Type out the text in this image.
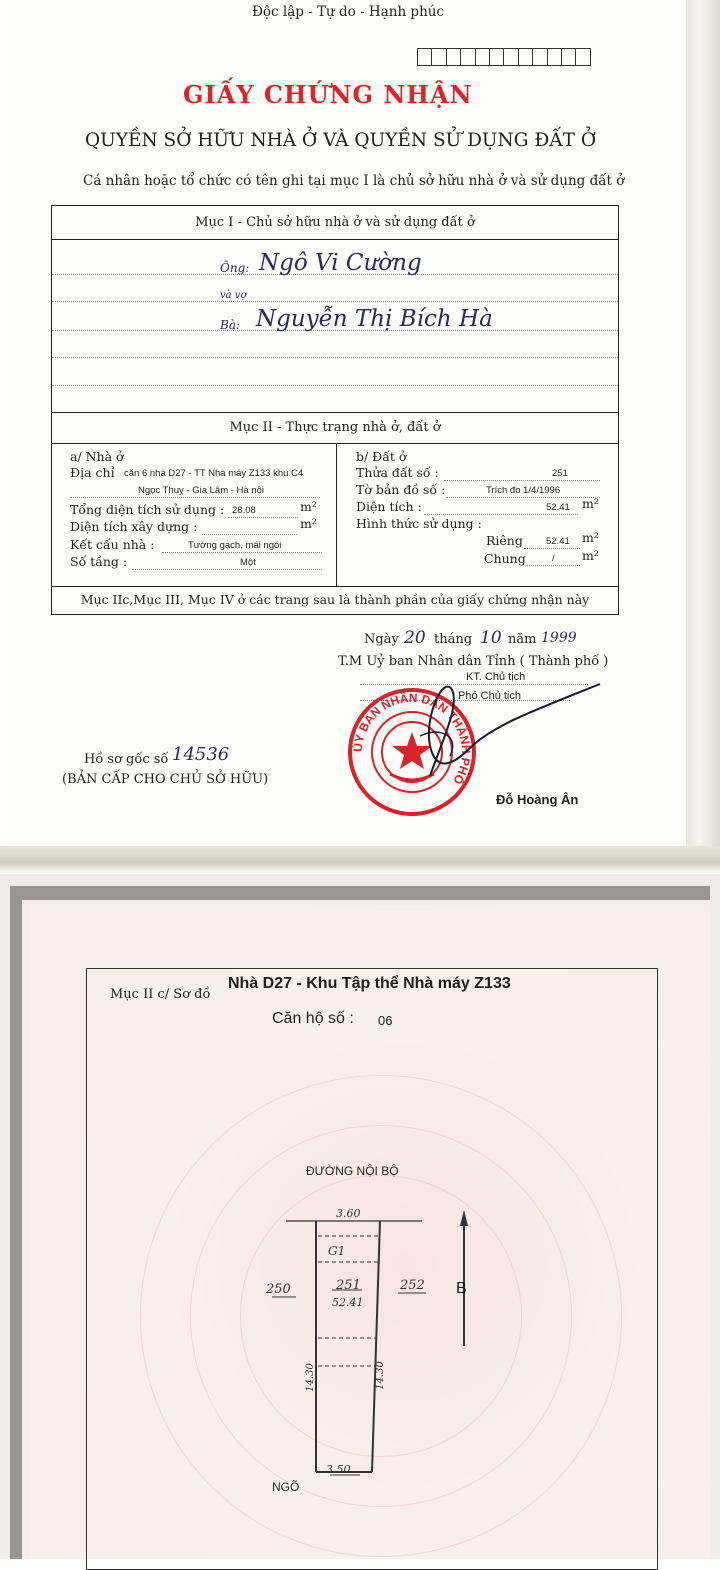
Độc lập - Tự do - Hạnh phúc
GIẤY CHỨNG NHẬN
QUYỀN SỞ HỮU NHÀ Ở VÀ QUYỀN SỬ DỤNG ĐẤT Ở
Cá nhân hoặc tổ chức có tên ghi tại mục I là chủ sở hữu nhà ở và sử dụng đất ở
Mục I - Chủ sở hữu nhà ở và sử dụng đất ở
Ông: Ngô Vi Cường
và vợ
Bà: Nguyễn Thị Bích Hà
Mục II - Thực trạng nhà ở, đất ở
a/ Nhà ở
Địa chỉ căn 6 nhà D27 - TT Nhà máy Z133 khu C4
Ngọc Thuỵ - Gia Lâm - Hà nội
Tổng diện tích sử dụng : 28.08	m²
Diện tích xây dựng :	m²
Kết cấu nhà :	Tường gạch, mái ngói
Số tầng :	Một
b/ Đất ở
Thửa đất số :	251
Tờ bản đồ số :	Trích đo 1/4/1996
Diện tích :	52.41 m²
Hình thức sử dụng :
Riêng 52.41 m²
Chung	/ m²
Mục IIc,Mục III, Mục IV ở các trang sau là thành phần của giấy chứng nhận này
Ngày 20 tháng 10 năm 1999
T.M Uỷ ban Nhân dân Tỉnh ( Thành phố )
KT. Chủ tịch
Phó Chủ tịch
Hồ sơ gốc số 14536
(BẢN CẤP CHO CHỦ SỞ HỮU)
ỦY BAN NHÂN DÂN THÀNH PHỐ
Đỗ Hoàng Ân
Mục II c/ Sơ đồ
Nhà D27 - Khu Tập thể Nhà máy Z133
Căn hộ số : 06
ĐƯỜNG NỘI BỘ
3.60
G1
250	251
52.41
252 B
14.30	14.30
3.50
NGÕ
